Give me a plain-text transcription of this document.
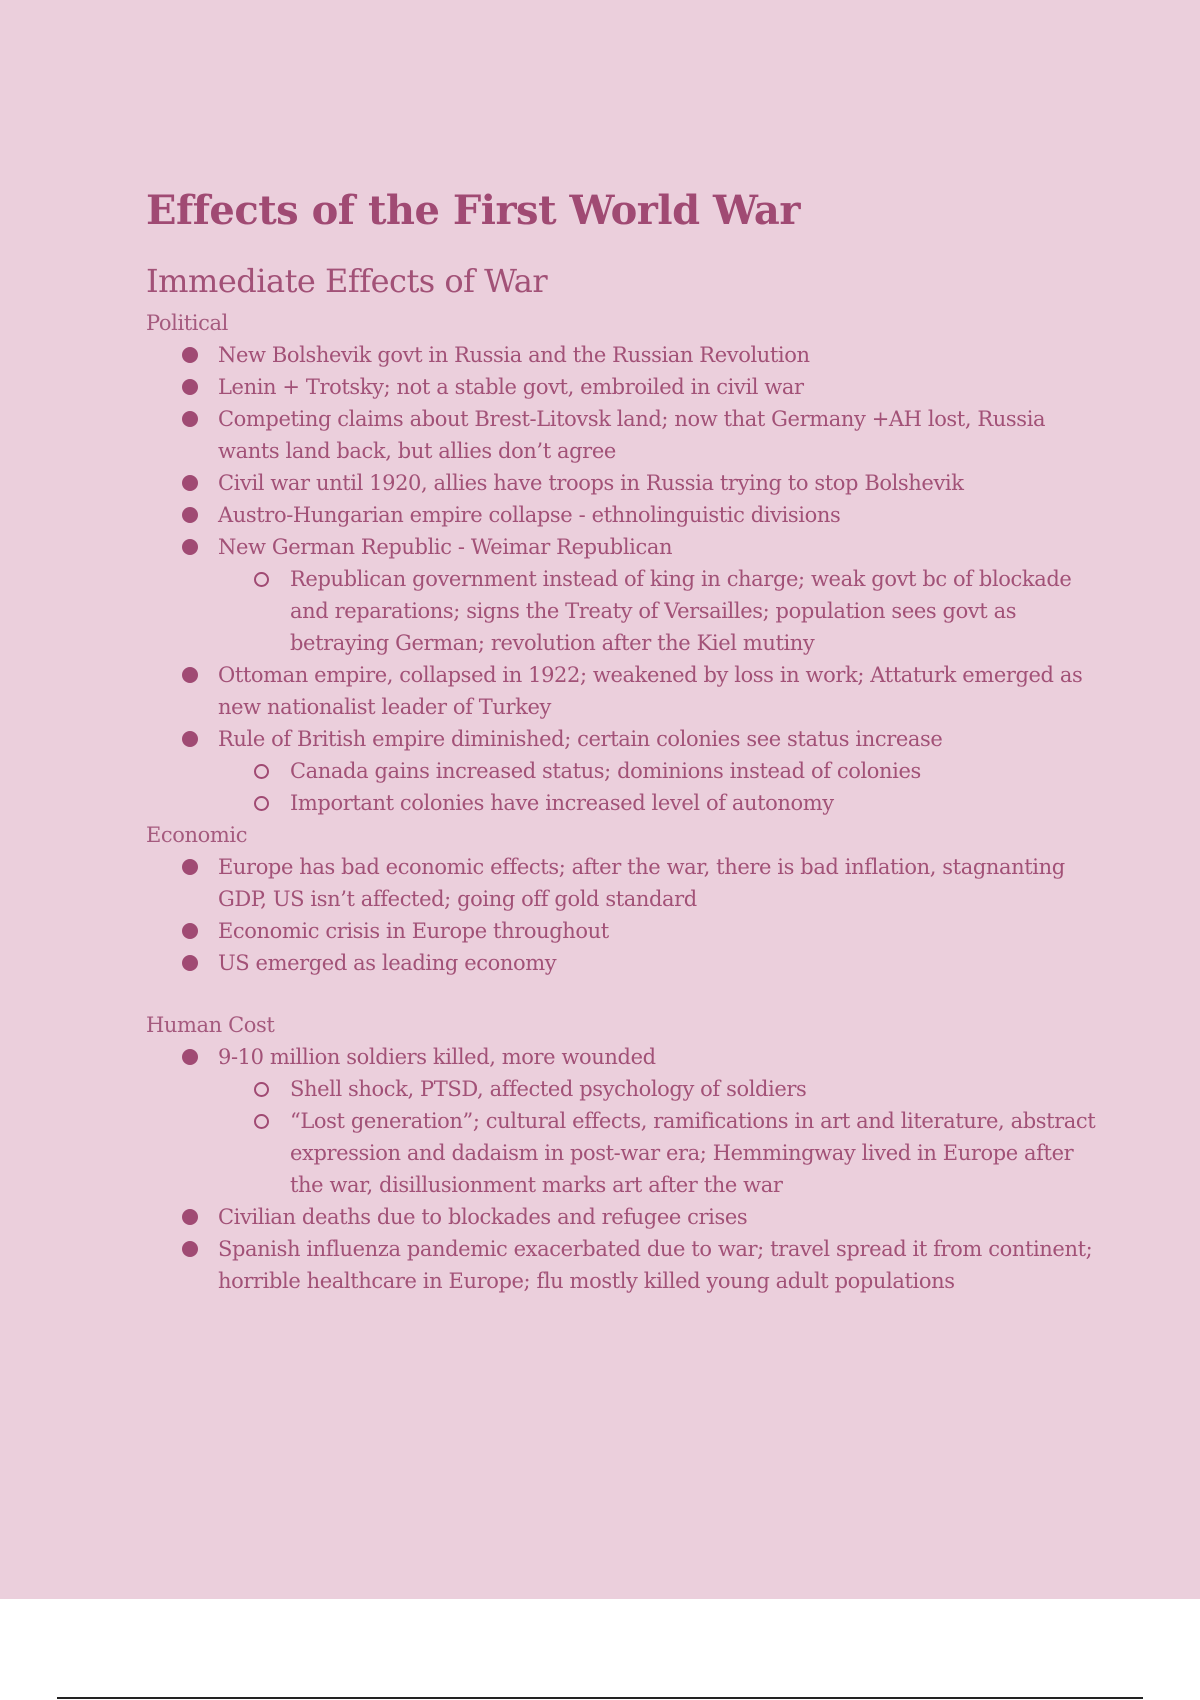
Effects of the First World War
Immediate Effects of War
Political
New Bolshevik govt in Russia and the Russian Revolution
Lenin + Trotsky; not a stable govt, embroiled in civil war
Competing claims about Brest-Litovsk land; now that Germany +AH lost, Russia wants land back, but allies don’t agree
Civil war until 1920, allies have troops in Russia trying to stop Bolshevik
Austro-Hungarian empire collapse - ethnolinguistic divisions
New German Republic - Weimar Republican
Republican government instead of king in charge; weak govt bc of blockade and reparations; signs the Treaty of Versailles; population sees govt as betraying German; revolution after the Kiel mutiny
Ottoman empire, collapsed in 1922; weakened by loss in work; Attaturk emerged as new nationalist leader of Turkey
Rule of British empire diminished; certain colonies see status increase
Canada gains increased status; dominions instead of colonies
Important colonies have increased level of autonomy
Economic
Europe has bad economic effects; after the war, there is bad inflation, stagnanting GDP, US isn’t affected; going off gold standard
Economic crisis in Europe throughout
US emerged as leading economy
Human Cost
9-10 million soldiers killed, more wounded
Shell shock, PTSD, affected psychology of soldiers
“Lost generation”; cultural effects, ramifications in art and literature, abstract expression and dadaism in post-war era; Hemmingway lived in Europe after the war, disillusionment marks art after the war
Civilian deaths due to blockades and refugee crises
Spanish influenza pandemic exacerbated due to war; travel spread it from continent; horrible healthcare in Europe; flu mostly killed young adult populations
